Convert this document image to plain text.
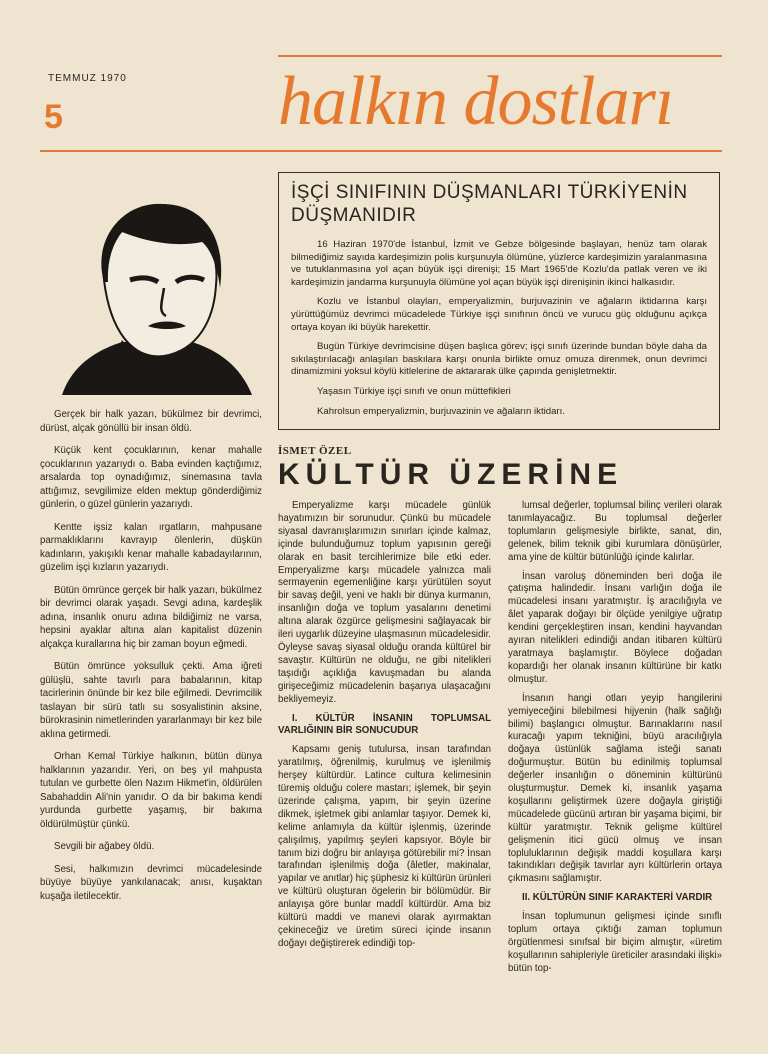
TEMMUZ 1970
5	halkın dostları
İŞÇİ SINIFININ DÜŞMANLARI TÜRKİYENİN DÜŞMANIDIR

16 Haziran 1970'de İstanbul, İzmit ve Gebze bölgesinde başlayan, henüz tam olarak bilmediğimiz sayıda kardeşimizin polis kurşunuyla ölümüne, yüzlerce kardeşimizin yaralanmasına ve tutuklanmasına yol açan büyük işçi direnişi; 15 Mart 1965'de Kozlu'da patlak veren ve iki kardeşimizin jandarma kurşunuyla ölümüne yol açan büyük işçi direnişinin ikinci halkasıdır.

Kozlu ve İstanbul olayları, emperyalizmin, burjuvazinin ve ağaların iktidarına karşı yürüttüğümüz devrimci mücadelede Türkiye işçi sınıfının öncü ve vurucu güç olduğunu açıkça ortaya koyan iki büyük harekettir.

Bugün Türkiye devrimcisine düşen başlıca görev; işçi sınıfı üzerinde bundan böyle daha da sıkılaştırılacağı anlaşılan baskılara karşı onunla birlikte omuz omuza direnmek, onun devrimci dinamizmini yoksul köylü kitlelerine de aktararak ülke çapında genişletmektir.

Yaşasın Türkiye işçi sınıfı ve onun müttefikleri

Kahrolsun emperyalizmin, burjuvazinin ve ağaların iktidarı.

Gerçek bir halk yazarı, bükülmez bir devrimci, dürüst, alçak gönüllü bir insan öldü.

Küçük kent çocuklarının, kenar mahalle çocuklarının yazarıydı o. Baba evinden kaçtığımız, arsalarda top oynadığımız, sinemasına tavla attığımız, sevgilimize elden mektup gönderdiğimiz günlerin, o güzel günlerin yazarıydı.

Kentte işsiz kalan ırgatların, mahpusane parmaklıklarını kavrayıp ölenlerin, düşkün kadınların, yakışıklı kenar mahalle kabadayılarının, güzelim işçi kızların yazarıydı.

Bütün ömrünce gerçek bir halk yazarı, bükülmez bir devrimci olarak yaşadı. Sevgi adına, kardeşlik adına, insanlık onuru adına bildiğimiz ne varsa, hepsini ayaklar altına alan kapitalist düzenin alçakça kurallarına hiç bir zaman boyun eğmedi.

Bütün ömrünce yoksulluk çekti. Ama iğreti gülüşlü, sahte tavırlı para babalarının, kitap tacirlerinin önünde bir kez bile eğilmedi. Devrimcilik taslayan bir sürü tatlı su sosyalistinin aksine, bürokrasinin nimetlerinden yararlanmayı bir kez bile aklına getirmedi.

Orhan Kemal Türkiye halkının, bütün dünya halklarının yazarıdır. Yeri, on beş yıl mahpusta tutulan ve gurbette ölen Nazım Hikmet'in, öldürülen Sabahaddin Ali'nin yanıdır. O da bir bakıma kendi yurdunda gurbette yaşamış, bir bakıma öldürülmüştür çünkü.

Sevgili bir ağabey öldü.

Sesi, halkımızın devrimci mücadelesinde büyüye büyüye yankılanacak; anısı, kuşaktan kuşağa iletilecektir.

İSMET ÖZEL
KÜLTÜR ÜZERİNE

Emperyalizme karşı mücadele günlük hayatımızın bir sorunudur. Çünkü bu mücadele siyasal davranışlarımızın sınırları içinde kalmaz, içinde bulunduğumuz toplum yapısının gereği olarak en basit tercihlerimize bile etki eder. Emperyalizme karşı mücadele yalnızca mali sermayenin egemenliğine karşı yürütülen soyut bir savaş değil, yeni ve haklı bir dünya kurmanın, insanlığın doğa ve toplum yasalarını denetimi altına alarak özgürce gelişmesini sağlayacak bir ileri uygarlık düzeyine ulaşmasının mücadelesidir. Öyleyse savaş siyasal olduğu oranda kültürel bir savaştır. Kültürün ne olduğu, ne gibi nitelikleri taşıdığı açıklığa kavuşmadan bu alanda girişeceğimiz mücadelenin başarıya ulaşacağını bekliyemeyiz.

I. KÜLTÜR İNSANIN TOPLUMSAL VARLIĞININ BİR SONUCUDUR

Kapsamı geniş tutulursa, insan tarafından yaratılmış, öğrenilmiş, kurulmuş ve işlenilmiş herşey kültürdür. Latince cultura kelimesinin türemiş olduğu colere mastarı; işlemek, bir şeyin üzerinde çalışma, yapım, bir şeyin üzerine dikmek, işletmek gibi anlamlar taşıyor. Demek ki, kelime anlamıyla da kültür işlenmiş, üzerinde çalışılmış, yapılmış şeyleri kapsıyor. Böyle bir tanım bizi doğru bir anlayışa götürebilir mi? İnsan tarafından işlenilmiş doğa (âletler, makinalar, yapılar ve anıtlar) hiç şüphesiz ki kültürün ürünleri ve kültürü oluşturan ögelerin bir bölümüdür. Bir anlayışa göre bunlar maddî kültürdür. Ama biz kültürü maddi ve manevi olarak ayırmaktan çekineceğiz ve üretim süreci içinde insanın doğayı değiştirerek edindiği top-

lumsal değerler, toplumsal bilinç verileri olarak tanımlayacağız. Bu toplumsal değerler toplumların gelişmesiyle birlikte, sanat, din, gelenek, bilim teknik gibi kurumlara dönüşürler, ama yine de kültür bütünlüğü içinde kalırlar.

İnsan varoluş döneminden beri doğa ile çatışma halindedir. İnsanı varlığın doğa ile mücadelesi insanı yaratmıştır. İş aracılığıyla ve âlet yaparak doğayı bir ölçüde yenilgiye uğratıp kendini gerçekleştiren insan, kendini hayvandan ayıran nitelikleri edindiği andan itibaren kültürü yaratmaya başlamıştır. Böylece doğadan kopardığı her olanak insanın kültürüne bir katkı olmuştur.

İnsanın hangi otları yeyip hangilerini yemiyeceğini bilebilmesi hijyenin (halk sağlığı bilimi) başlangıcı olmuştur. Barınaklarını nasıl kuracağı yapım tekniğini, büyü aracılığıyla doğaya üstünlük sağlama isteği sanatı doğurmuştur. Bütün bu edinilmiş toplumsal değerler insanlığın o döneminin kültürünü oluşturmuştur. Demek ki, insanlık yaşama koşullarını geliştirmek üzere doğayla giriştiği mücadelede gücünü artıran bir yaşama biçimi, bir kültür yaratmıştır. Teknik gelişme kültürel gelişmenin itici gücü olmuş ve insan topluluklarının değişik maddi koşullara karşı takındıkları değişik tavırlar ayrı kültürlerin ortaya çıkmasını sağlamıştır.

II. KÜLTÜRÜN SINIF KARAKTERİ VARDIR

İnsan toplumunun gelişmesi içinde sınıflı toplum ortaya çıktığı zaman toplumun örgütlenmesi sınıfsal bir biçim almıştır, «üretim koşullarının sahipleriyle üreticiler arasındaki ilişki» bütün top-
